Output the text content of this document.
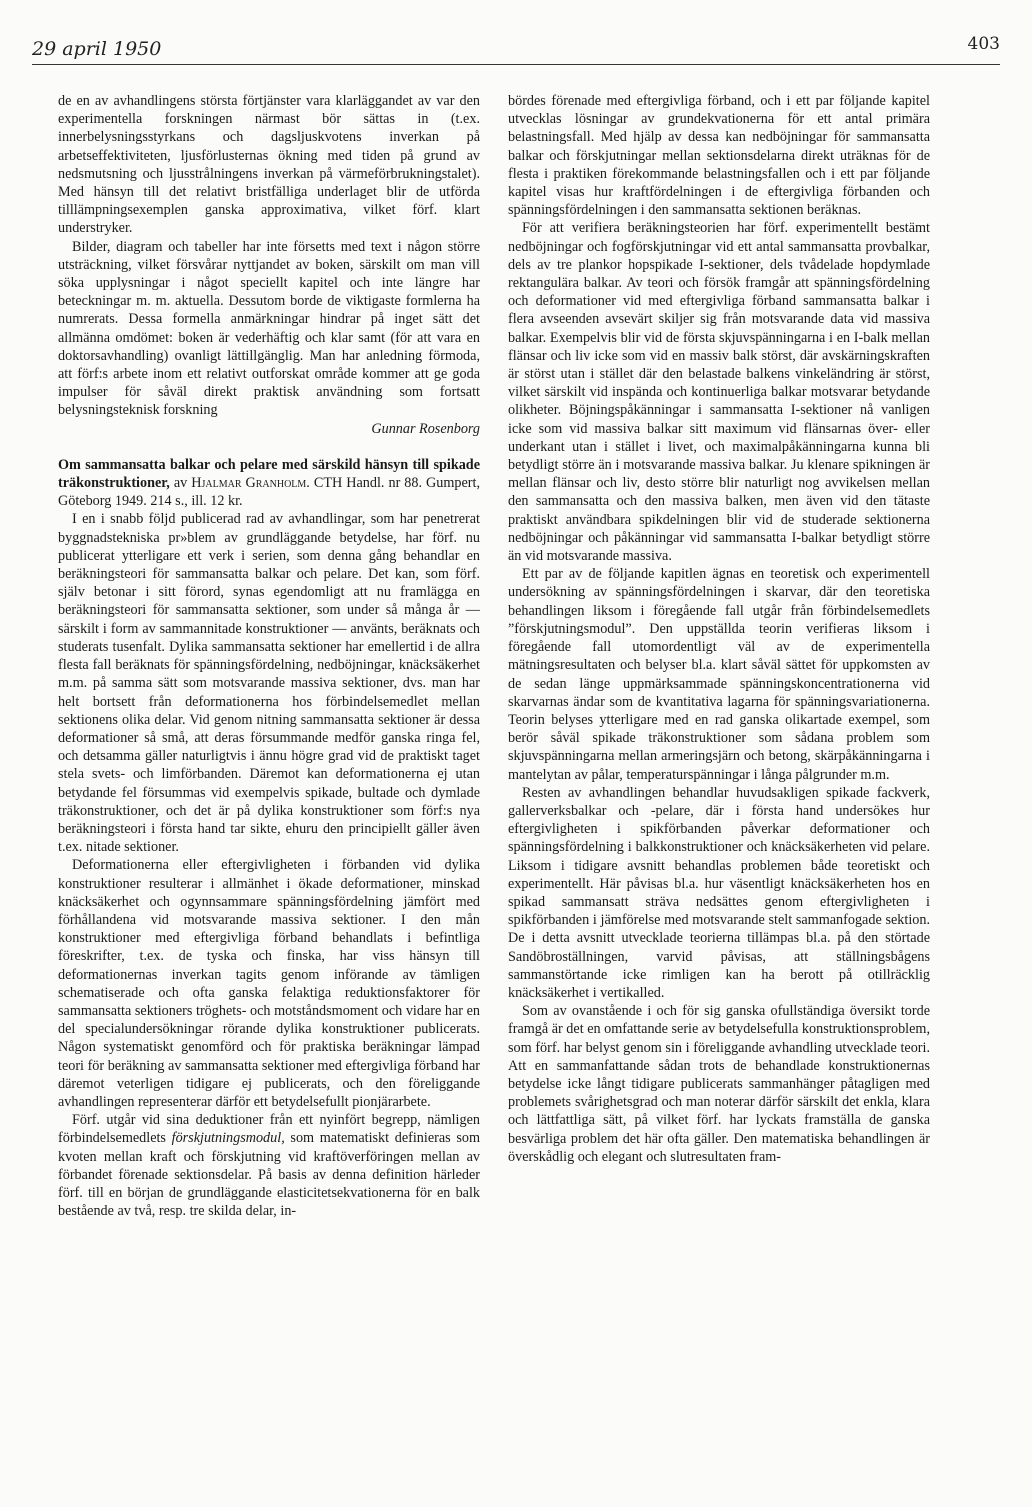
29 april 1950	403

de en av avhandlingens största förtjänster vara klarläggandet av var den experimentella forskningen närmast bör sättas in (t.ex. innerbelysningsstyrkans och dagsljuskvotens inverkan på arbetseffektiviteten, ljusförlusternas ökning med tiden på grund av nedsmutsning och ljusstrålningens inverkan på värmeförbrukningstalet). Med hänsyn till det relativt bristfälliga underlaget blir de utförda tilllämpningsexemplen ganska approximativa, vilket förf. klart understryker.

Bilder, diagram och tabeller har inte försetts med text i någon större utsträckning, vilket försvårar nyttjandet av boken, särskilt om man vill söka upplysningar i något speciellt kapitel och inte längre har beteckningar m. m. aktuella. Dessutom borde de viktigaste formlerna ha numrerats. Dessa formella anmärkningar hindrar på inget sätt det allmänna omdömet: boken är vederhäftig och klar samt (för att vara en doktorsavhandling) ovanligt lättillgänglig. Man har anledning förmoda, att förf:s arbete inom ett relativt outforskat område kommer att ge goda impulser för såväl direkt praktisk användning som fortsatt belysningsteknisk forskning

Gunnar Rosenborg

Om sammansatta balkar och pelare med särskild hänsyn till spikade träkonstruktioner, av Hjalmar Granholm. CTH Handl. nr 88. Gumpert, Göteborg 1949. 214 s., ill. 12 kr.

I en i snabb följd publicerad rad av avhandlingar, som har penetrerat byggnadstekniska pr»blem av grundläggande betydelse, har förf. nu publicerat ytterligare ett verk i serien, som denna gång behandlar en beräkningsteori för sammansatta balkar och pelare. Det kan, som förf. själv betonar i sitt förord, synas egendomligt att nu framlägga en beräkningsteori för sammansatta sektioner, som under så många år — särskilt i form av sammannitade konstruktioner — använts, beräknats och studerats tusenfalt. Dylika sammansatta sektioner har emellertid i de allra flesta fall beräknats för spänningsfördelning, nedböjningar, knäcksäkerhet m.m. på samma sätt som motsvarande massiva sektioner, dvs. man har helt bortsett från deformationerna hos förbindelsemedlet mellan sektionens olika delar. Vid genom nitning sammansatta sektioner är dessa deformationer så små, att deras försummande medför ganska ringa fel, och detsamma gäller naturligtvis i ännu högre grad vid de praktiskt taget stela svets- och limförbanden. Däremot kan deformationerna ej utan betydande fel försummas vid exempelvis spikade, bultade och dymlade träkonstruktioner, och det är på dylika konstruktioner som förf:s nya beräkningsteori i första hand tar sikte, ehuru den principiellt gäller även t.ex. nitade sektioner.

Deformationerna eller eftergivligheten i förbanden vid dylika konstruktioner resulterar i allmänhet i ökade deformationer, minskad knäcksäkerhet och ogynnsammare spänningsfördelning jämfört med förhållandena vid motsvarande massiva sektioner. I den mån konstruktioner med eftergivliga förband behandlats i befintliga föreskrifter, t.ex. de tyska och finska, har viss hänsyn till deformationernas inverkan tagits genom införande av tämligen schematiserade och ofta ganska felaktiga reduktionsfaktorer för sammansatta sektioners tröghets- och motståndsmoment och vidare har en del specialundersökningar rörande dylika konstruktioner publicerats. Någon systematiskt genomförd och för praktiska beräkningar lämpad teori för beräkning av sammansatta sektioner med eftergivliga förband har däremot veterligen tidigare ej publicerats, och den föreliggande avhandlingen representerar därför ett betydelsefullt pionjärarbete.

Förf. utgår vid sina deduktioner från ett nyinfört begrepp, nämligen förbindelsemedlets förskjutningsmodul, som matematiskt definieras som kvoten mellan kraft och förskjutning vid kraftöverföringen mellan av förbandet förenade sektionsdelar. På basis av denna definition härleder förf. till en början de grundläggande elasticitetsekvationerna för en balk bestående av två, resp. tre skilda delar, in-

bördes förenade med eftergivliga förband, och i ett par följande kapitel utvecklas lösningar av grundekvationerna för ett antal primära belastningsfall. Med hjälp av dessa kan nedböjningar för sammansatta balkar och förskjutningar mellan sektionsdelarna direkt uträknas för de flesta i praktiken förekommande belastningsfallen och i ett par följande kapitel visas hur kraftfördelningen i de eftergivliga förbanden och spänningsfördelningen i den sammansatta sektionen beräknas.

För att verifiera beräkningsteorien har förf. experimentellt bestämt nedböjningar och fogförskjutningar vid ett antal sammansatta provbalkar, dels av tre plankor hopspikade I-sektioner, dels tvådelade hopdymlade rektangulära balkar. Av teori och försök framgår att spänningsfördelning och deformationer vid med eftergivliga förband sammansatta balkar i flera avseenden avsevärt skiljer sig från motsvarande data vid massiva balkar. Exempelvis blir vid de första skjuvspänningarna i en I-balk mellan flänsar och liv icke som vid en massiv balk störst, där avskärningskraften är störst utan i stället där den belastade balkens vinkeländring är störst, vilket särskilt vid inspända och kontinuerliga balkar motsvarar betydande olikheter. Böjningspåkänningar i sammansatta I-sektioner nå vanligen icke som vid massiva balkar sitt maximum vid flänsarnas över- eller underkant utan i stället i livet, och maximalpåkänningarna kunna bli betydligt större än i motsvarande massiva balkar. Ju klenare spikningen är mellan flänsar och liv, desto större blir naturligt nog avvikelsen mellan den sammansatta och den massiva balken, men även vid den tätaste praktiskt användbara spikdelningen blir vid de studerade sektionerna nedböjningar och påkänningar vid sammansatta I-balkar betydligt större än vid motsvarande massiva.

Ett par av de följande kapitlen ägnas en teoretisk och experimentell undersökning av spänningsfördelningen i skarvar, där den teoretiska behandlingen liksom i föregående fall utgår från förbindelsemedlets ”förskjutningsmodul”. Den uppställda teorin verifieras liksom i föregående fall utomordentligt väl av de experimentella mätningsresultaten och belyser bl.a. klart såväl sättet för uppkomsten av de sedan länge uppmärksammade spänningskoncentrationerna vid skarvarnas ändar som de kvantitativa lagarna för spänningsvariationerna. Teorin belyses ytterligare med en rad ganska olikartade exempel, som berör såväl spikade träkonstruktioner som sådana problem som skjuvspänningarna mellan armeringsjärn och betong, skärpåkänningarna i mantelytan av pålar, temperaturspänningar i långa pålgrunder m.m.

Resten av avhandlingen behandlar huvudsakligen spikade fackverk, gallerverksbalkar och -pelare, där i första hand undersökes hur eftergivligheten i spikförbanden påverkar deformationer och spänningsfördelning i balkkonstruktioner och knäcksäkerheten vid pelare. Liksom i tidigare avsnitt behandlas problemen både teoretiskt och experimentellt. Här påvisas bl.a. hur väsentligt knäcksäkerheten hos en spikad sammansatt sträva nedsättes genom eftergivligheten i spikförbanden i jämförelse med motsvarande stelt sammanfogade sektion. De i detta avsnitt utvecklade teorierna tillämpas bl.a. på den störtade Sandöbroställningen, varvid påvisas, att ställningsbågens sammanstörtande icke rimligen kan ha berott på otillräcklig knäcksäkerhet i vertikalled.

Som av ovanstående i och för sig ganska ofullständiga översikt torde framgå är det en omfattande serie av betydelsefulla konstruktionsproblem, som förf. har belyst genom sin i föreliggande avhandling utvecklade teori. Att en sammanfattande sådan trots de behandlade konstruktionernas betydelse icke långt tidigare publicerats sammanhänger påtagligen med problemets svårighetsgrad och man noterar därför särskilt det enkla, klara och lättfattliga sätt, på vilket förf. har lyckats framställa de ganska besvärliga problem det här ofta gäller. Den matematiska behandlingen är överskådlig och elegant och slutresultaten fram-
